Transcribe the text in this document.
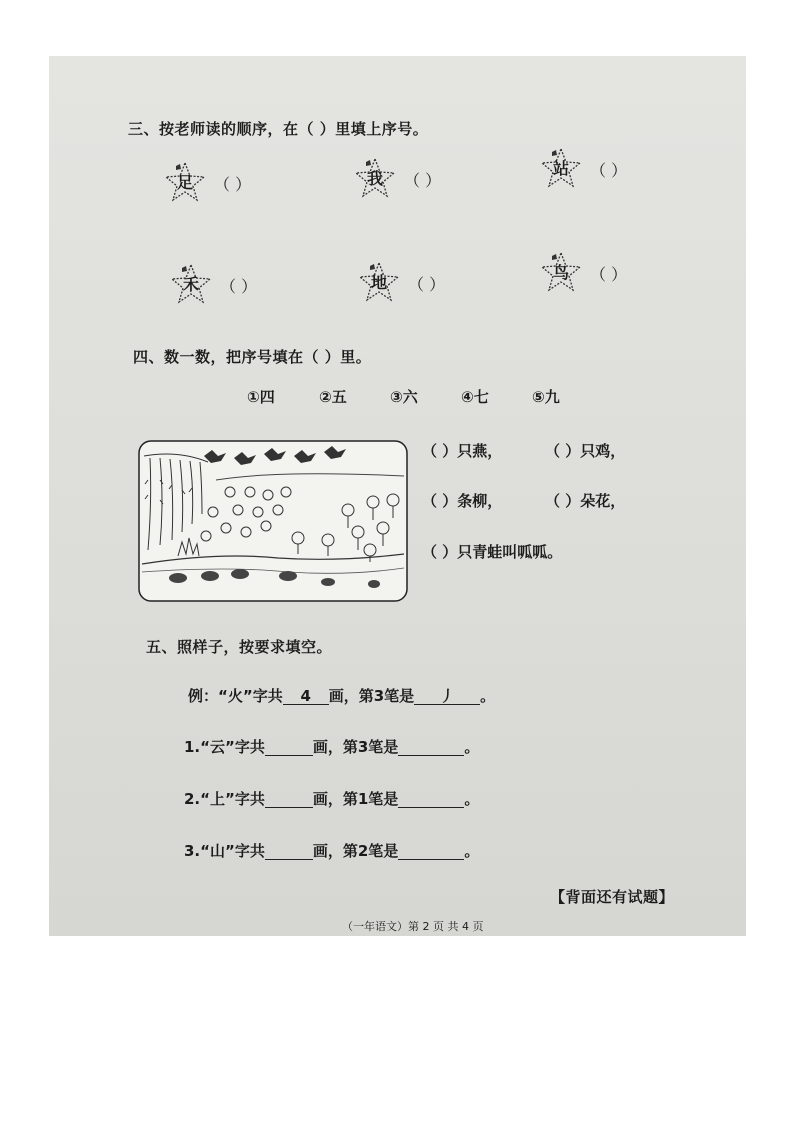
三、按老师读的顺序，在（ ）里填上序号。
足	（ ）	我	（ ）
站	（ ）
禾	（ ）	地	（ ）
鸟	（ ）
四、数一数，把序号填在（ ）里。
①四	②五	③六	④七	⑤九
（ ）只燕，	（ ）只鸡，
（ ）条柳，	（ ）朵花，
（ ）只青蛙叫呱呱。
五、照样子，按要求填空。
例：“火”字共 4 画，第3笔是 丿 。
1.“云”字共	画，第3笔是	。
2.“上”字共	画，第1笔是	。
3.“山”字共	画，第2笔是	。
【背面还有试题】
（一年语文）第 2 页 共 4 页
